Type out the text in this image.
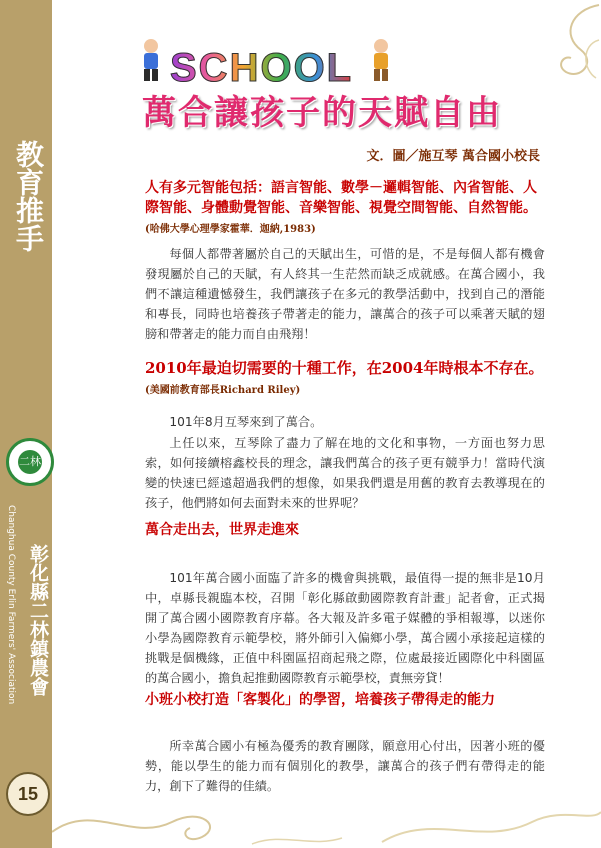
教育推手
二林
彰化縣二林鎮農會
Changhua County Erlin Farmers' Association
15
SCHOOL
萬合讓孩子的天賦自由
文．圖／施互琴 萬合國小校長
人有多元智能包括：語言智能、數學－邏輯智能、內省智能、人際智能、身體動覺智能、音樂智能、視覺空間智能、自然智能。 (哈佛大學心理學家霍華．迦納,1983)
每個人都帶著屬於自己的天賦出生，可惜的是，不是每個人都有機會發現屬於自己的天賦，有人終其一生茫然而缺乏成就感。在萬合國小，我們不讓這種遺憾發生，我們讓孩子在多元的教學活動中，找到自己的潛能和專長，同時也培養孩子帶著走的能力，讓萬合的孩子可以乘著天賦的翅膀和帶著走的能力而自由飛翔！
2010年最迫切需要的十種工作，在2004年時根本不存在。 (美國前教育部長Richard Riley)
101年8月互琴來到了萬合。
上任以來，互琴除了盡力了解在地的文化和事物，一方面也努力思索，如何接續榕鑫校長的理念，讓我們萬合的孩子更有競爭力！當時代演變的快速已經遠超過我們的想像，如果我們還是用舊的教育去教導現在的孩子，他們將如何去面對未來的世界呢？
萬合走出去，世界走進來
101年萬合國小面臨了許多的機會與挑戰，最值得一提的無非是10月中，卓縣長親臨本校，召開「彰化縣啟動國際教育計畫」記者會，正式揭開了萬合國小國際教育序幕。各大報及許多電子媒體的爭相報導，以迷你小學為國際教育示範學校，將外師引入偏鄉小學，萬合國小承接起這樣的挑戰是個機緣，正值中科園區招商起飛之際，位處最接近國際化中科園區的萬合國小，擔負起推動國際教育示範學校，責無旁貸！
小班小校打造「客製化」的學習，培養孩子帶得走的能力
所幸萬合國小有極為優秀的教育團隊，願意用心付出，因著小班的優勢，能以學生的能力而有個別化的教學，讓萬合的孩子們有帶得走的能力，創下了難得的佳績。
